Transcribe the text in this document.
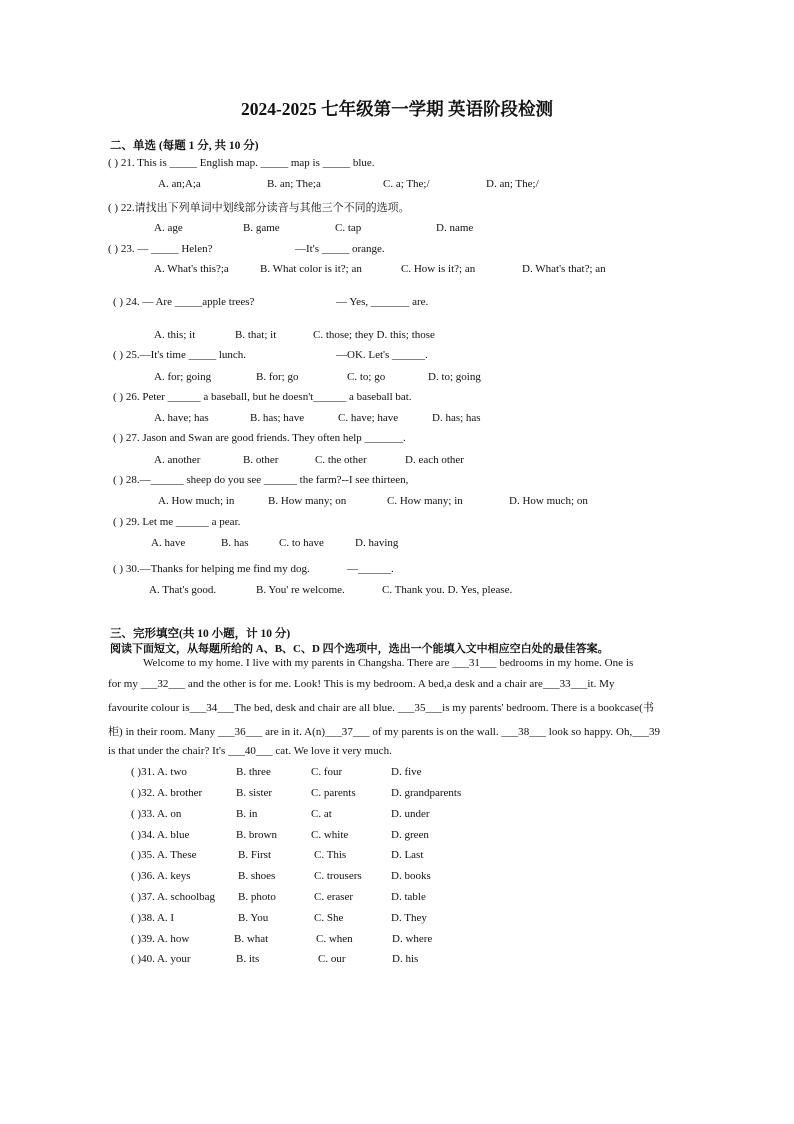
2024-2025 七年级第一学期 英语阶段检测
二、单选 (每题 1 分, 共 10 分)
( ) 21. This is _____ English map. _____ map is _____ blue.
A. an;A;a	B. an; The;a	C. a; The;/	D. an; The;/
( ) 22.请找出下列单词中划线部分读音与其他三个不同的选项。
A. age	B. game	C. tap	D. name
( ) 23. — _____ Helen?	—It's _____ orange.
A. What's this?;a	B. What color is it?; an	C. How is it?; an	D. What's that?; an
( ) 24. — Are _____apple trees?	— Yes, _______ are.
A. this; it	B. that; it	C. those; they D. this; those
( ) 25.—It's time _____ lunch.	—OK. Let's ______.
A. for; going	B. for; go	C. to; go	D. to; going
( ) 26. Peter ______ a baseball, but he doesn't______ a baseball bat.
A. have; has	B. has; have	C. have; have	D. has; has
( ) 27. Jason and Swan are good friends. They often help _______.
A. another	B. other	C. the other	D. each other
( ) 28.—______ sheep do you see ______ the farm?--I see thirteen,
A. How much; in	B. How many; on	C. How many; in	D. How much; on
( ) 29. Let me ______ a pear.
A. have	B. has	C. to have	D. having
( ) 30.—Thanks for helping me find my dog.	—______.
A. That's good.	B. You' re welcome.	C. Thank you. D. Yes, please.
三、完形填空(共 10 小题，计 10 分)
阅读下面短文，从每题所给的 A、B、C、D 四个选项中，选出一个能填入文中相应空白处的最佳答案。
Welcome to my home. I live with my parents in Changsha. There are ___31___ bedrooms in my home. One is
for my ___32___ and the other is for me. Look! This is my bedroom. A bed,a desk and a chair are___33___it. My
favourite colour is___34___The bed, desk and chair are all blue. ___35___is my parents' bedroom. There is a bookcase(书
柜) in their room. Many ___36___ are in it. A(n)___37___ of my parents is on the wall. ___38___ look so happy. Oh,___39
is that under the chair? It's ___40___ cat. We love it very much.
( )31. A. two	B. three	C. four	D. five
( )32. A. brother	B. sister	C. parents	D. grandparents
( )33. A. on	B. in	C. at	D. under
( )34. A. blue	B. brown	C. white	D. green
( )35. A. These	B. First	C. This	D. Last
( )36. A. keys	B. shoes	C. trousers	D. books
( )37. A. schoolbag B. photo	C. eraser	D. table
( )38. A. I	B. You	C. She	D. They
( )39. A. how	B. what	C. when	D. where
( )40. A. your	B. its	C. our	D. his
